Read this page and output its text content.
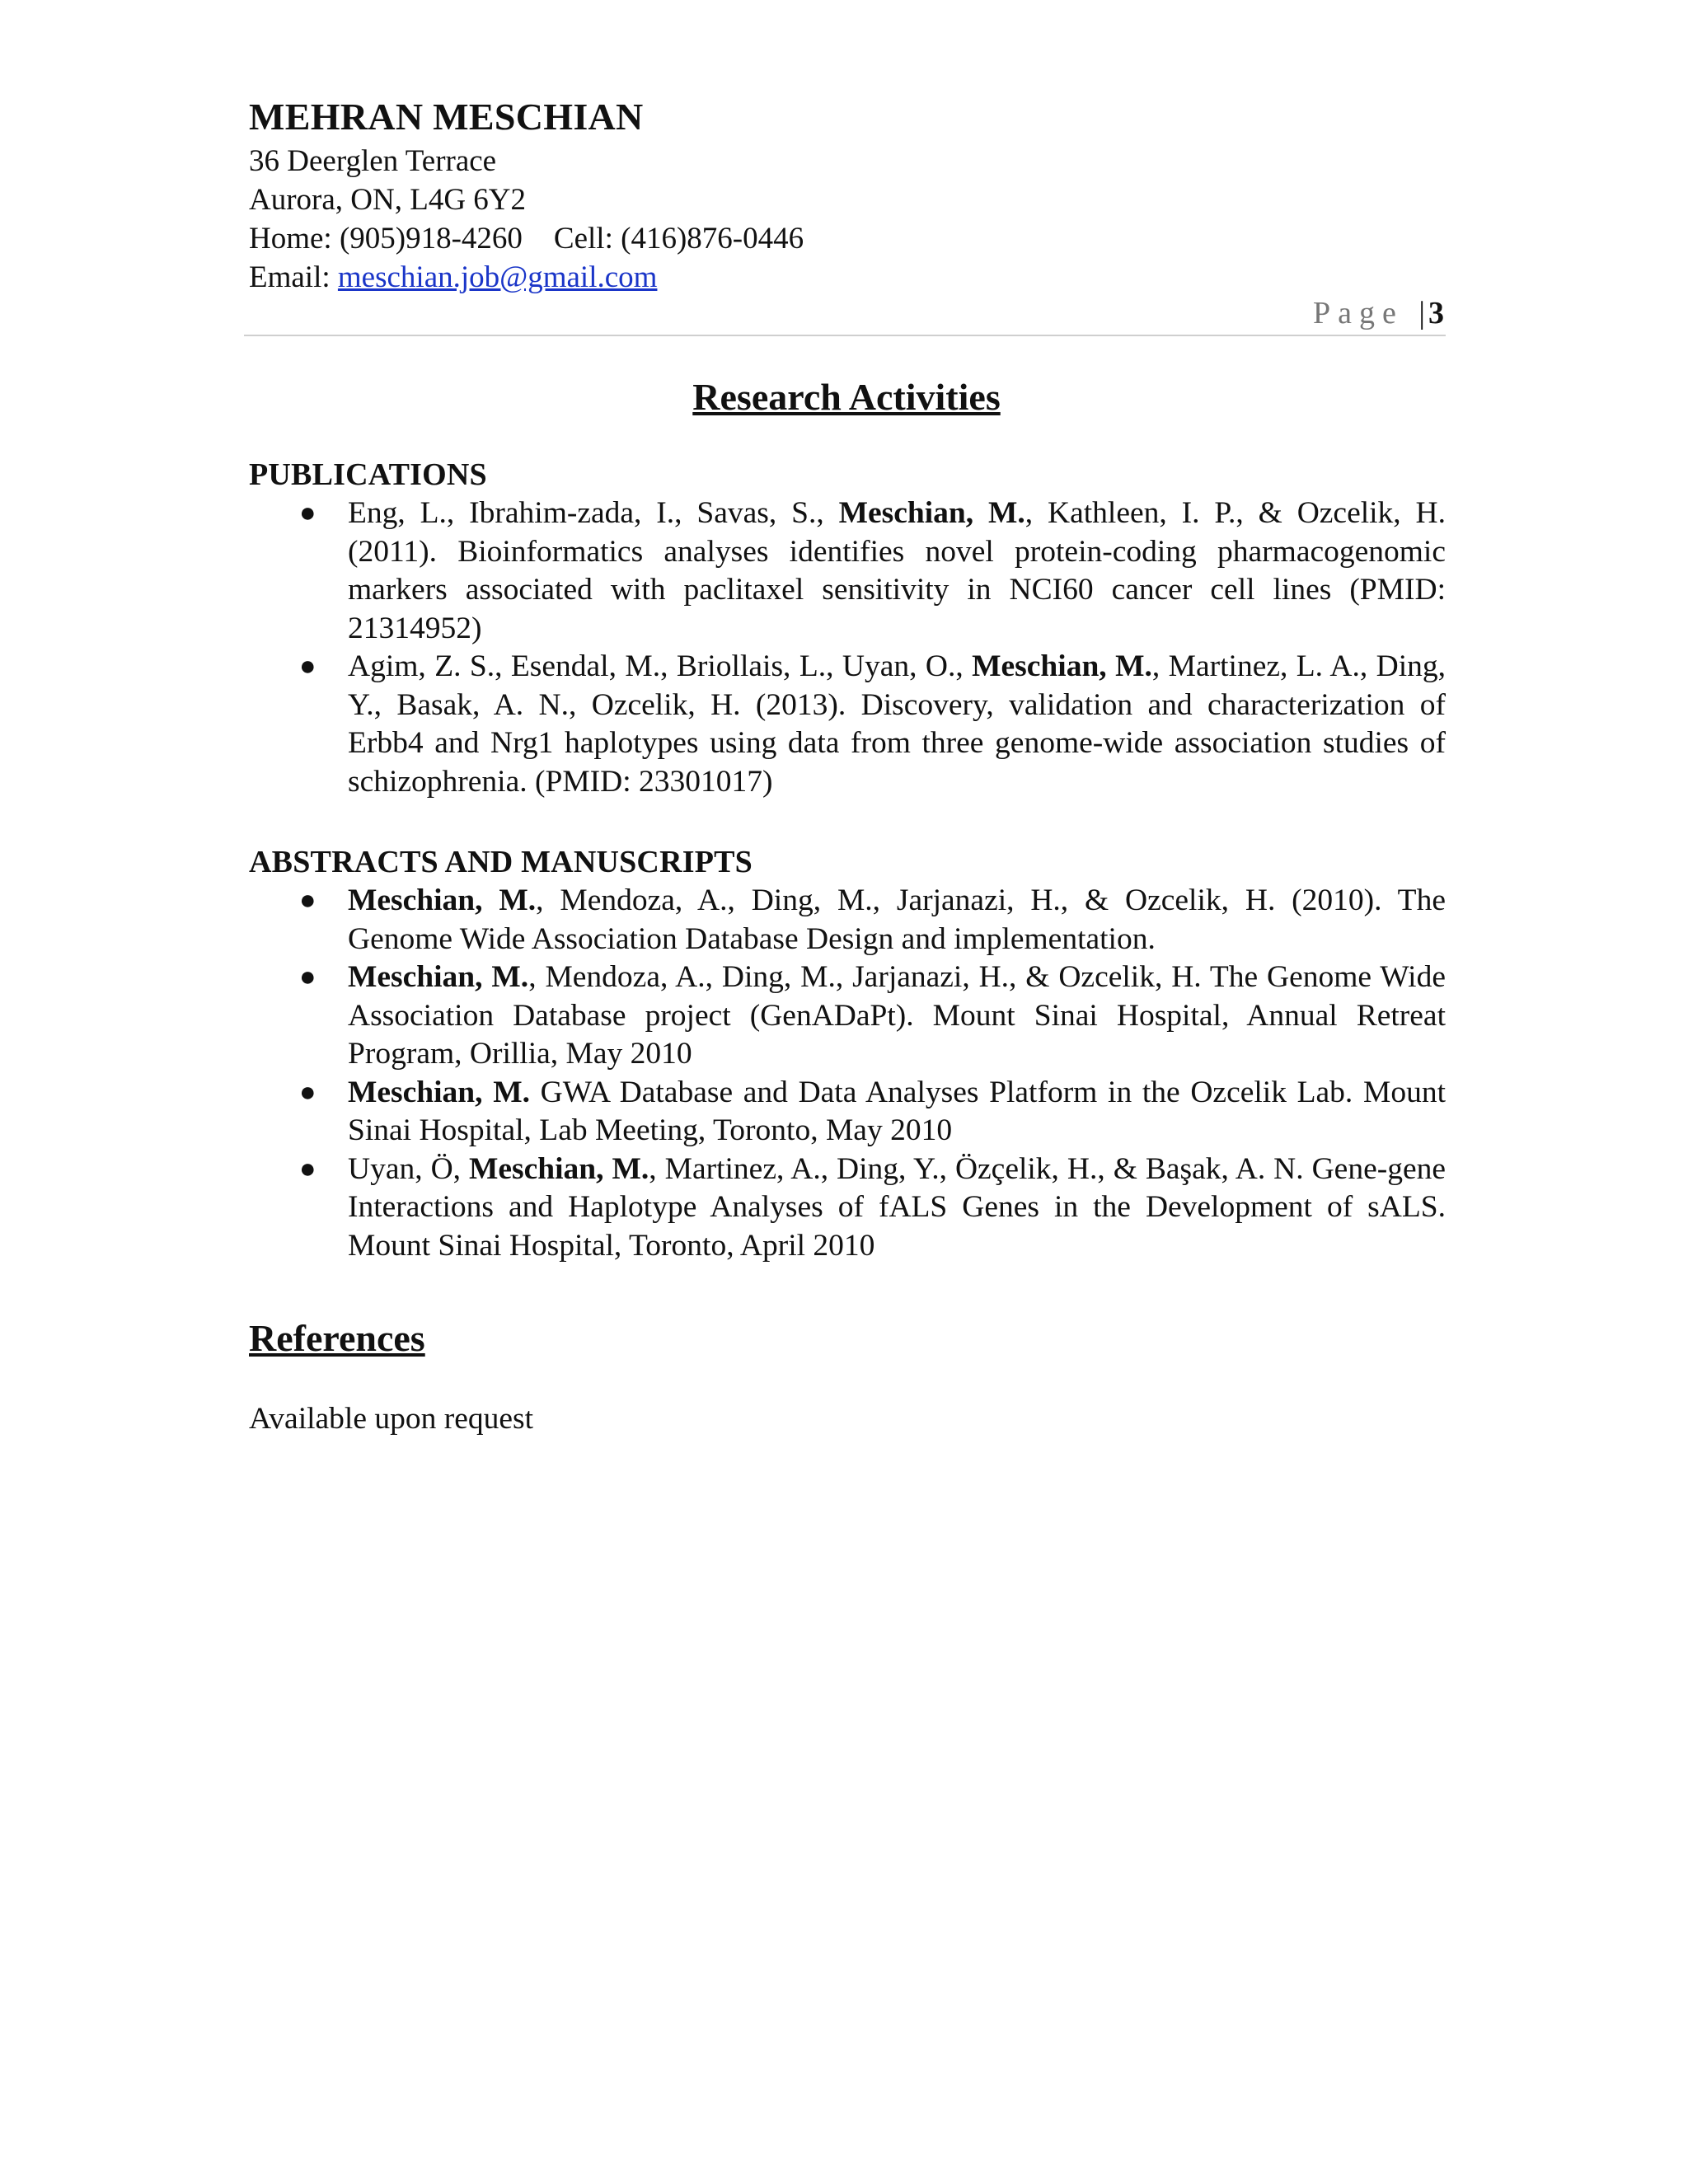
MEHRAN MESCHIAN
36 Deerglen Terrace
Aurora, ON, L4G 6Y2
Home: (905)918-4260 Cell: (416)876-0446
Email: meschian.job@gmail.com
Page |3
Research Activities
PUBLICATIONS
● Eng, L., Ibrahim-zada, I., Savas, S., Meschian, M., Kathleen, I. P., & Ozcelik, H. (2011). Bioinformatics analyses identifies novel protein-coding pharmacogenomic markers associated with paclitaxel sensitivity in NCI60 cancer cell lines (PMID: 21314952)
● Agim, Z. S., Esendal, M., Briollais, L., Uyan, O., Meschian, M., Martinez, L. A., Ding, Y., Basak, A. N., Ozcelik, H. (2013). Discovery, validation and characterization of Erbb4 and Nrg1 haplotypes using data from three genome-wide association studies of schizophrenia. (PMID: 23301017)
ABSTRACTS AND MANUSCRIPTS
● Meschian, M., Mendoza, A., Ding, M., Jarjanazi, H., & Ozcelik, H. (2010). The Genome Wide Association Database Design and implementation.
● Meschian, M., Mendoza, A., Ding, M., Jarjanazi, H., & Ozcelik, H. The Genome Wide Association Database project (GenADaPt). Mount Sinai Hospital, Annual Retreat Program, Orillia, May 2010
● Meschian, M. GWA Database and Data Analyses Platform in the Ozcelik Lab. Mount Sinai Hospital, Lab Meeting, Toronto, May 2010
● Uyan, Ö, Meschian, M., Martinez, A., Ding, Y., Özçelik, H., & Başak, A. N. Gene-gene Interactions and Haplotype Analyses of fALS Genes in the Development of sALS. Mount Sinai Hospital, Toronto, April 2010
References
Available upon request
